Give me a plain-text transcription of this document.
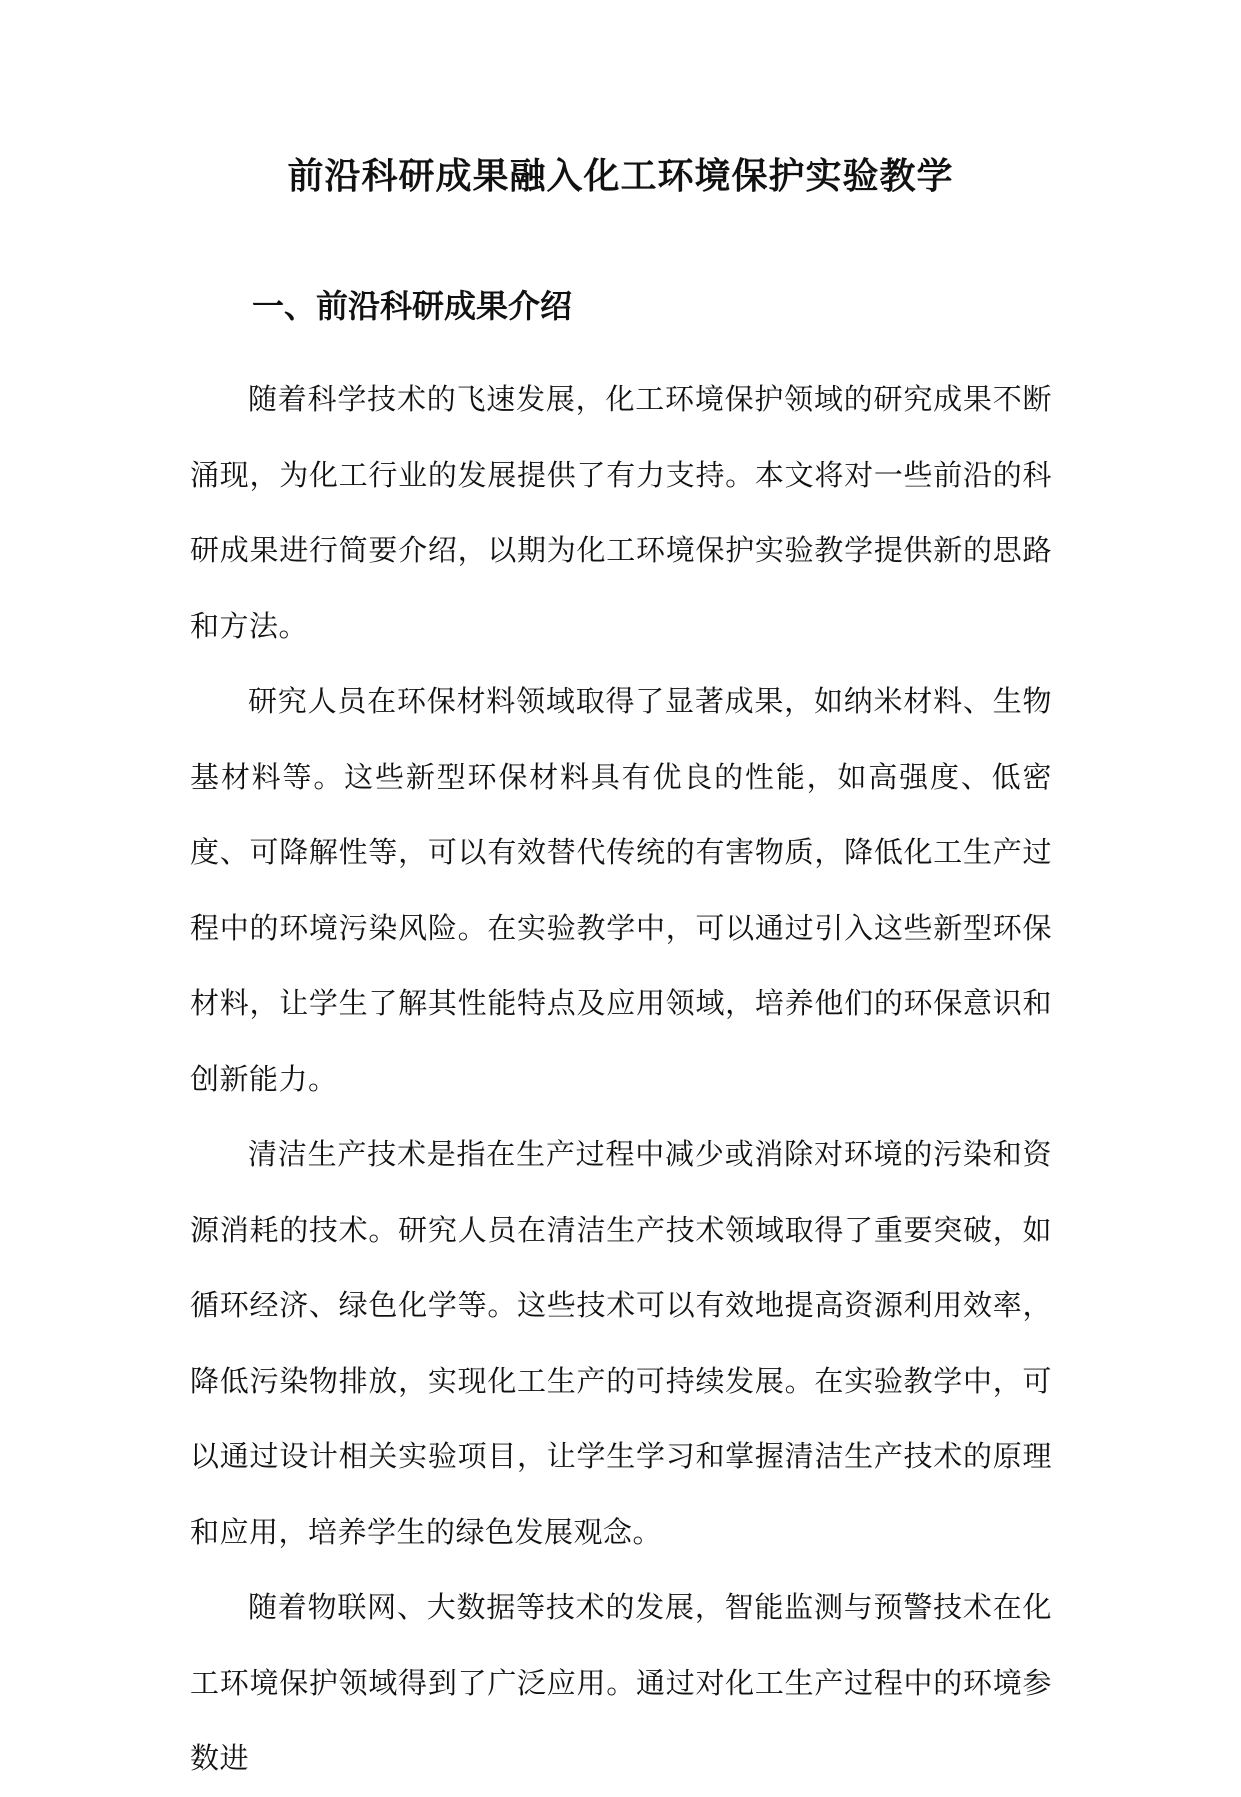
前沿科研成果融入化工环境保护实验教学
一、前沿科研成果介绍

随着科学技术的飞速发展，化工环境保护领域的研究成果不断涌现，为化工行业的发展提供了有力支持。本文将对一些前沿的科研成果进行简要介绍，以期为化工环境保护实验教学提供新的思路和方法。

研究人员在环保材料领域取得了显著成果，如纳米材料、生物基材料等。这些新型环保材料具有优良的性能，如高强度、低密度、可降解性等，可以有效替代传统的有害物质，降低化工生产过程中的环境污染风险。在实验教学中，可以通过引入这些新型环保材料，让学生了解其性能特点及应用领域，培养他们的环保意识和创新能力。

清洁生产技术是指在生产过程中减少或消除对环境的污染和资源消耗的技术。研究人员在清洁生产技术领域取得了重要突破，如循环经济、绿色化学等。这些技术可以有效地提高资源利用效率，降低污染物排放，实现化工生产的可持续发展。在实验教学中，可以通过设计相关实验项目，让学生学习和掌握清洁生产技术的原理和应用，培养学生的绿色发展观念。

随着物联网、大数据等技术的发展，智能监测与预警技术在化工环境保护领域得到了广泛应用。通过对化工生产过程中的环境参数进
